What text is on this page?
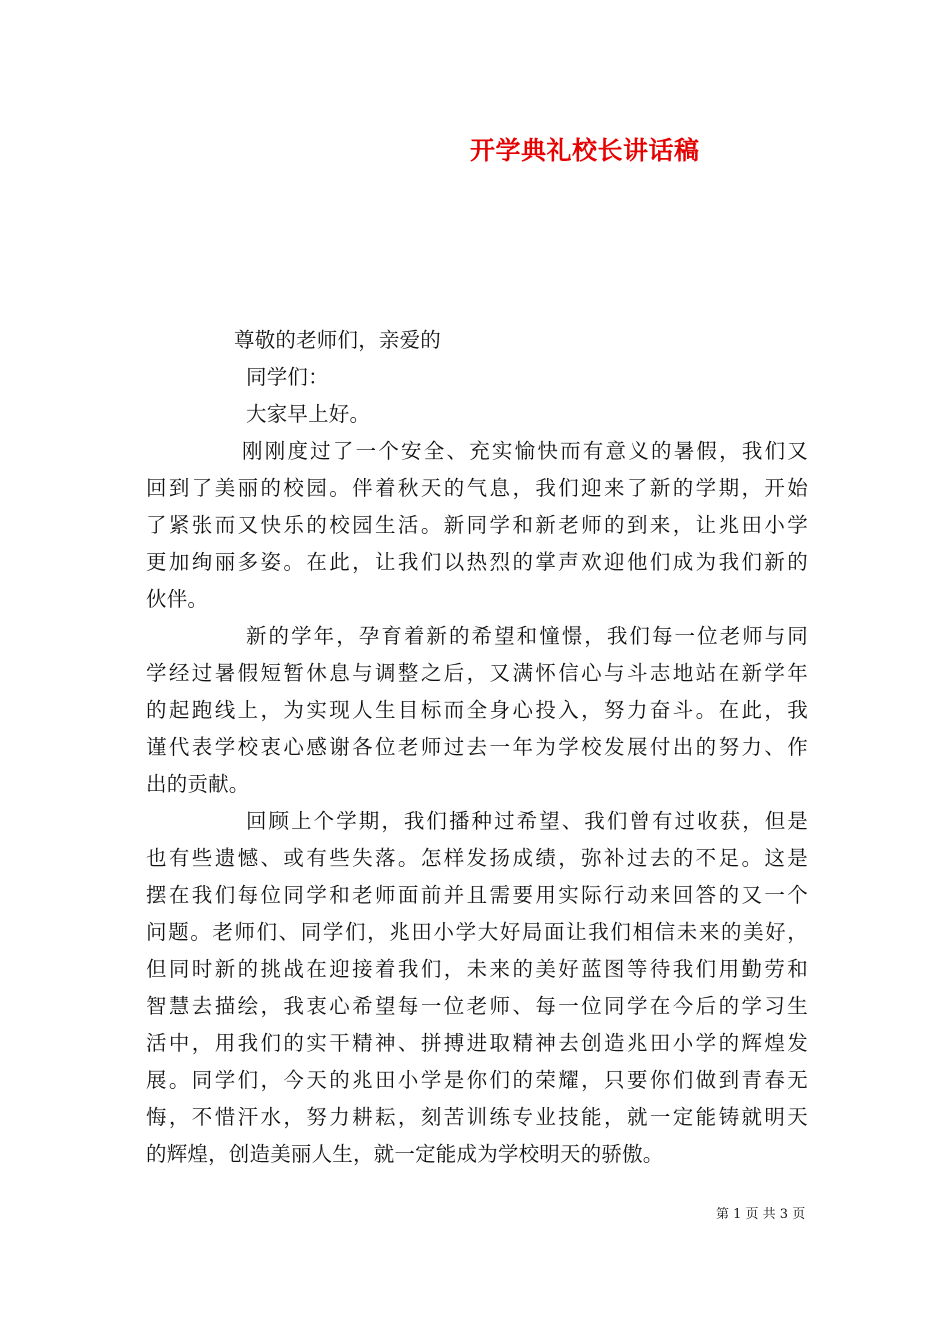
开学典礼校长讲话稿
尊敬的老师们，亲爱的
同学们：
大家早上好。
刚刚度过了一个安全、充实愉快而有意义的暑假，我们又
回到了美丽的校园。伴着秋天的气息，我们迎来了新的学期，开始
了紧张而又快乐的校园生活。新同学和新老师的到来，让兆田小学
更加绚丽多姿。在此，让我们以热烈的掌声欢迎他们成为我们新的
伙伴。
新的学年，孕育着新的希望和憧憬，我们每一位老师与同
学经过暑假短暂休息与调整之后，又满怀信心与斗志地站在新学年
的起跑线上，为实现人生目标而全身心投入，努力奋斗。在此，我
谨代表学校衷心感谢各位老师过去一年为学校发展付出的努力、作
出的贡献。
回顾上个学期，我们播种过希望、我们曾有过收获，但是
也有些遗憾、或有些失落。怎样发扬成绩，弥补过去的不足。这是
摆在我们每位同学和老师面前并且需要用实际行动来回答的又一个
问题。老师们、同学们，兆田小学大好局面让我们相信未来的美好，
但同时新的挑战在迎接着我们，未来的美好蓝图等待我们用勤劳和
智慧去描绘，我衷心希望每一位老师、每一位同学在今后的学习生
活中，用我们的实干精神、拼搏进取精神去创造兆田小学的辉煌发
展。同学们，今天的兆田小学是你们的荣耀，只要你们做到青春无
悔，不惜汗水，努力耕耘，刻苦训练专业技能，就一定能铸就明天
的辉煌，创造美丽人生，就一定能成为学校明天的骄傲。
第 1 页 共 3 页
